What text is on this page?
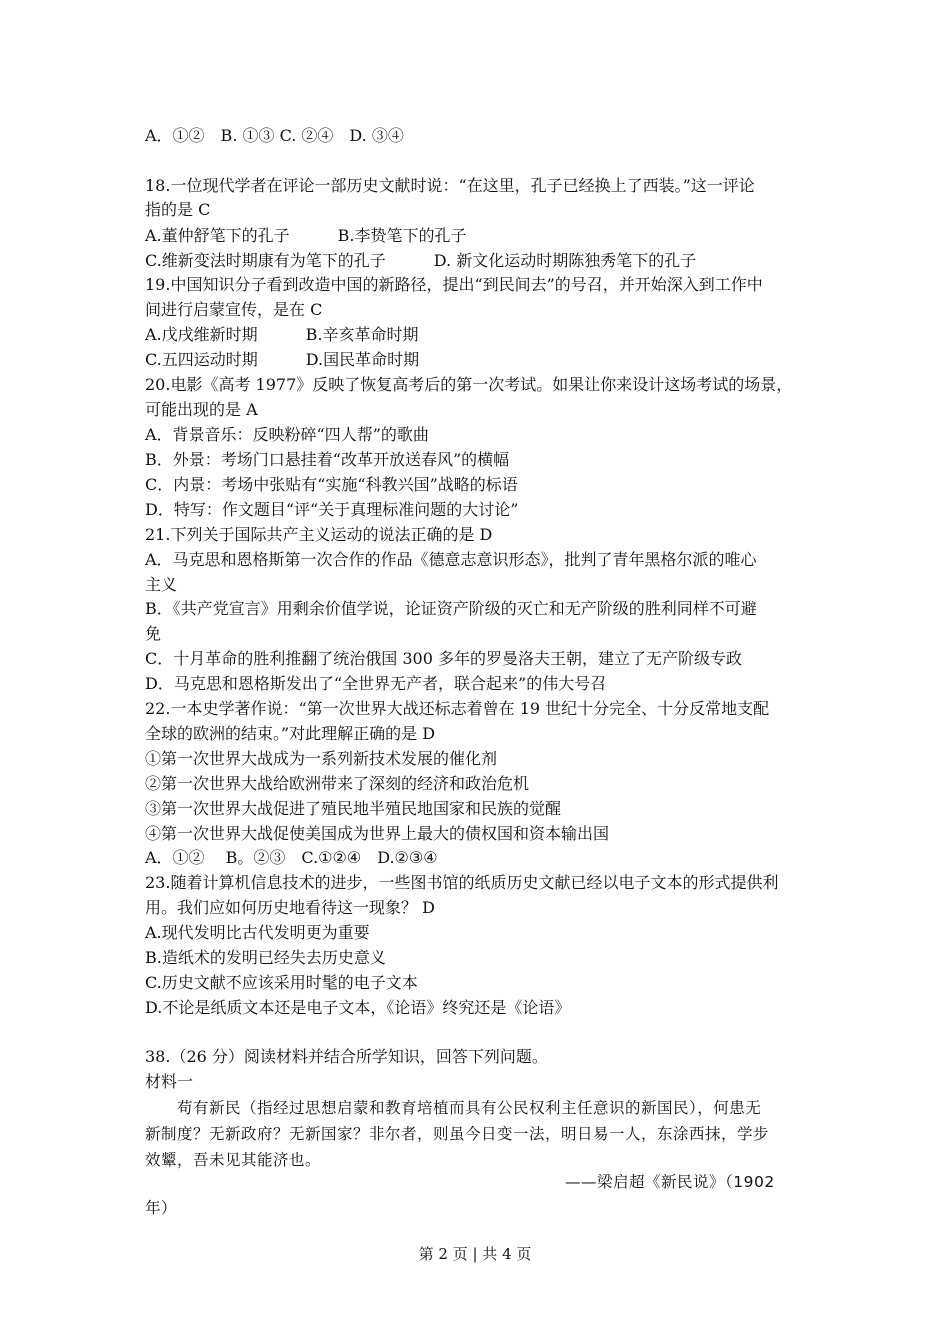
A．①②　B. ①③ C. ②④　D. ③④
18.一位现代学者在评论一部历史文献时说：“在这里，孔子已经换上了西装。”这一评论
指的是 C
A.董仲舒笔下的孔子　　　B.李贽笔下的孔子
C.维新变法时期康有为笔下的孔子　　　D. 新文化运动时期陈独秀笔下的孔子
19.中国知识分子看到改造中国的新路径，提出“到民间去”的号召，并开始深入到工作中
间进行启蒙宣传，是在 C
A.戊戌维新时期　　　B.辛亥革命时期
C.五四运动时期　　　D.国民革命时期
20.电影《高考 1977》反映了恢复高考后的第一次考试。如果让你来设计这场考试的场景，
可能出现的是 A
A．背景音乐：反映粉碎“四人帮”的歌曲
B．外景：考场门口悬挂着“改革开放送春风”的横幅
C．内景：考场中张贴有“实施“科教兴国”战略的标语
D．特写：作文题目“评“关于真理标准问题的大讨论”
21.下列关于国际共产主义运动的说法正确的是 D
A．马克思和恩格斯第一次合作的作品《德意志意识形态》，批判了青年黑格尔派的唯心
主义
B．《共产党宣言》用剩余价值学说，论证资产阶级的灭亡和无产阶级的胜利同样不可避
免
C．十月革命的胜利推翻了统治俄国 300 多年的罗曼洛夫王朝，建立了无产阶级专政
D．马克思和恩格斯发出了“全世界无产者，联合起来”的伟大号召
22.一本史学著作说：“第一次世界大战还标志着曾在 19 世纪十分完全、十分反常地支配
全球的欧洲的结束。”对此理解正确的是 D
①第一次世界大战成为一系列新技术发展的催化剂
②第一次世界大战给欧洲带来了深刻的经济和政治危机
③第一次世界大战促进了殖民地半殖民地国家和民族的觉醒
④第一次世界大战促使美国成为世界上最大的债权国和资本输出国
A．①②　 B。②③　C.①②④　D.②③④
23.随着计算机信息技术的进步，一些图书馆的纸质历史文献已经以电子文本的形式提供利
用。我们应如何历史地看待这一现象？ D
A.现代发明比古代发明更为重要
B.造纸术的发明已经失去历史意义
C.历史文献不应该采用时髦的电子文本
D.不论是纸质文本还是电子文本，《论语》终究还是《论语》
38.（26 分）阅读材料并结合所学知识，回答下列问题。
材料一
苟有新民（指经过思想启蒙和教育培植而具有公民权利主任意识的新国民），何患无
新制度？无新政府？无新国家？非尔者，则虽今日变一法，明日易一人，东涂西抹，学步
效颦，吾未见其能济也。
——梁启超《新民说》（1902
年）
第 2 页 | 共 4 页
